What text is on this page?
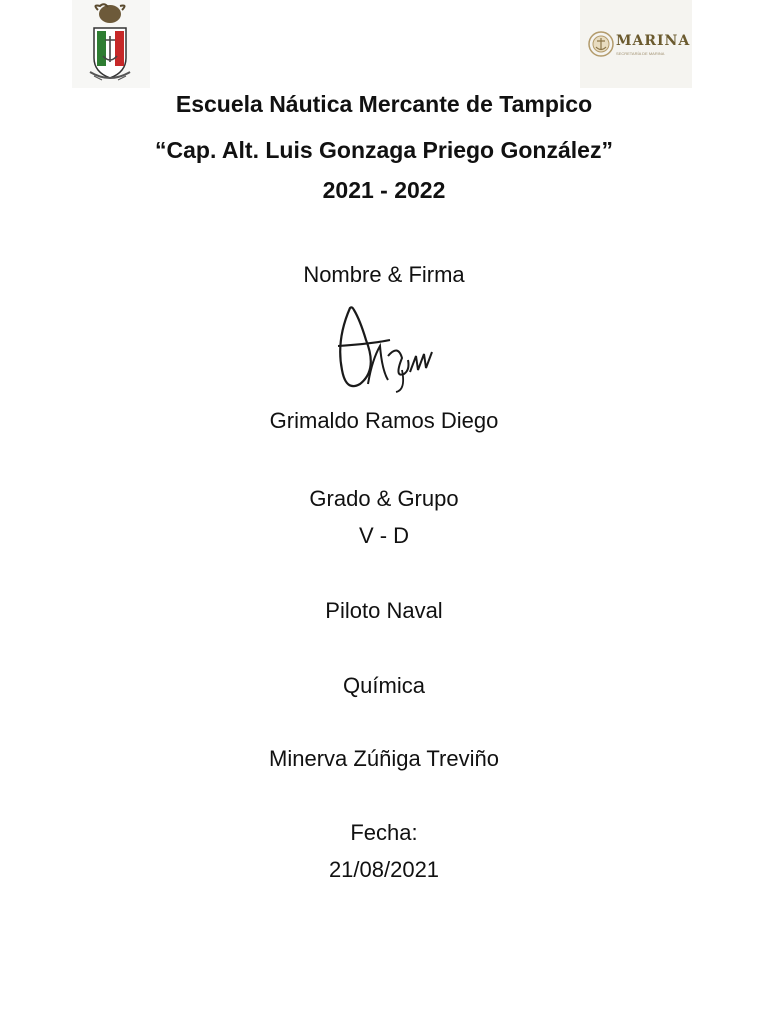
MARINA
SECRETARÍA DE MARINA
Escuela Náutica Mercante de Tampico
“Cap. Alt. Luis Gonzaga Priego González”
2021 - 2022
Nombre & Firma
Grimaldo Ramos Diego
Grado & Grupo
V - D
Piloto Naval
Química
Minerva Zúñiga Treviño
Fecha:
21/08/2021
